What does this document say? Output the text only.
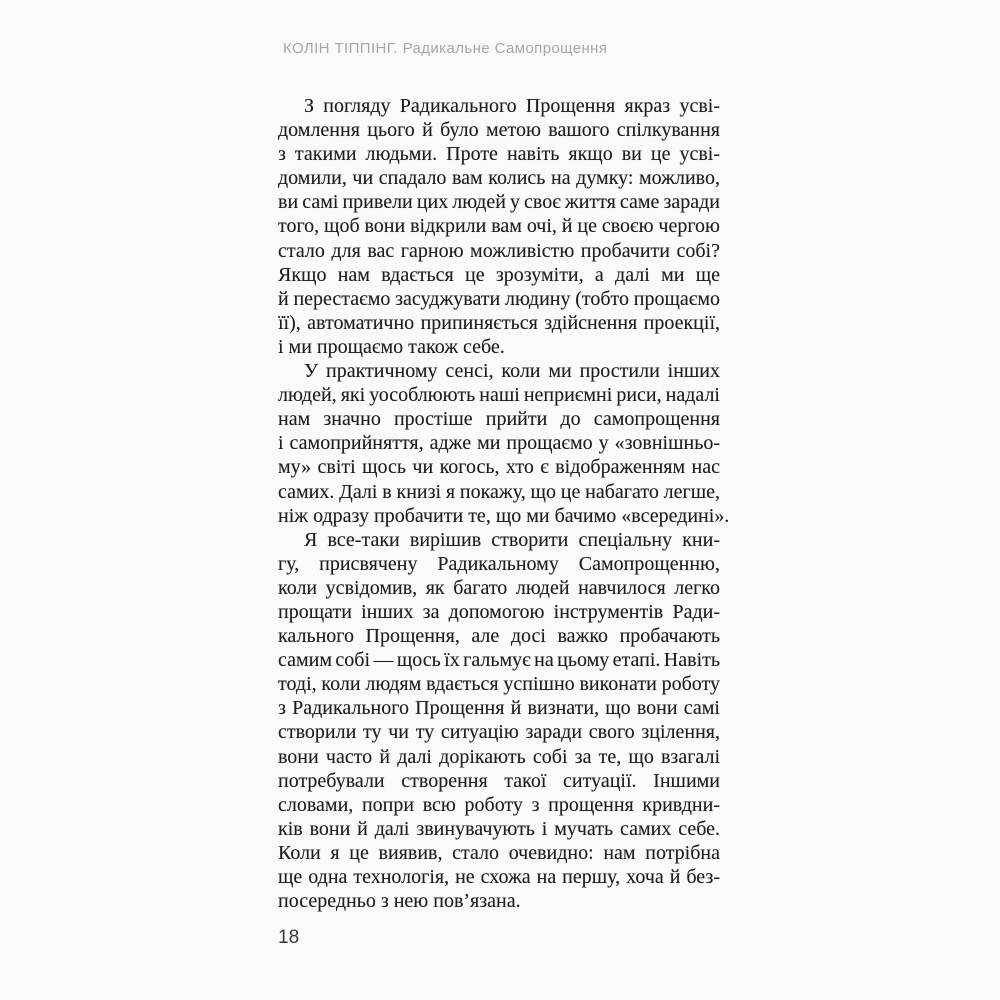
КОЛІН ТІППІНГ. Радикальне Самопрощення
З погляду Радикального Прощення якраз усві-
домлення цього й було метою вашого спілкування
з такими людьми. Проте навіть якщо ви це усві-
домили, чи спадало вам колись на думку: можливо,
ви самі привели цих людей у своє життя саме заради
того, щоб вони відкрили вам очі, й це своєю чергою
стало для вас гарною можливістю пробачити собі?
Якщо нам вдається це зрозуміти, а далі ми ще
й перестаємо засуджувати людину (тобто прощаємо
її), автоматично припиняється здійснення проекції,
і ми прощаємо також себе.
У практичному сенсі, коли ми простили інших
людей, які уособлюють наші неприємні риси, надалі
нам значно простіше прийти до самопрощення
і самоприйняття, адже ми прощаємо у «зовнішньо-
му» світі щось чи когось, хто є відображенням нас
самих. Далі в книзі я покажу, що це набагато легше,
ніж одразу пробачити те, що ми бачимо «всередині».
Я все-таки вирішив створити спеціальну кни-
гу, присвячену Радикальному Самопрощенню,
коли усвідомив, як багато людей навчилося легко
прощати інших за допомогою інструментів Ради-
кального Прощення, але досі важко пробачають
самим собі — щось їх гальмує на цьому етапі. Навіть
тоді, коли людям вдається успішно виконати роботу
з Радикального Прощення й визнати, що вони самі
створили ту чи ту ситуацію заради свого зцілення,
вони часто й далі дорікають собі за те, що взагалі
потребували створення такої ситуації. Іншими
словами, попри всю роботу з прощення кривдни-
ків вони й далі звинувачують і мучать самих себе.
Коли я це виявив, стало очевидно: нам потрібна
ще одна технологія, не схожа на першу, хоча й без-
посередньо з нею пов’язана.
18
